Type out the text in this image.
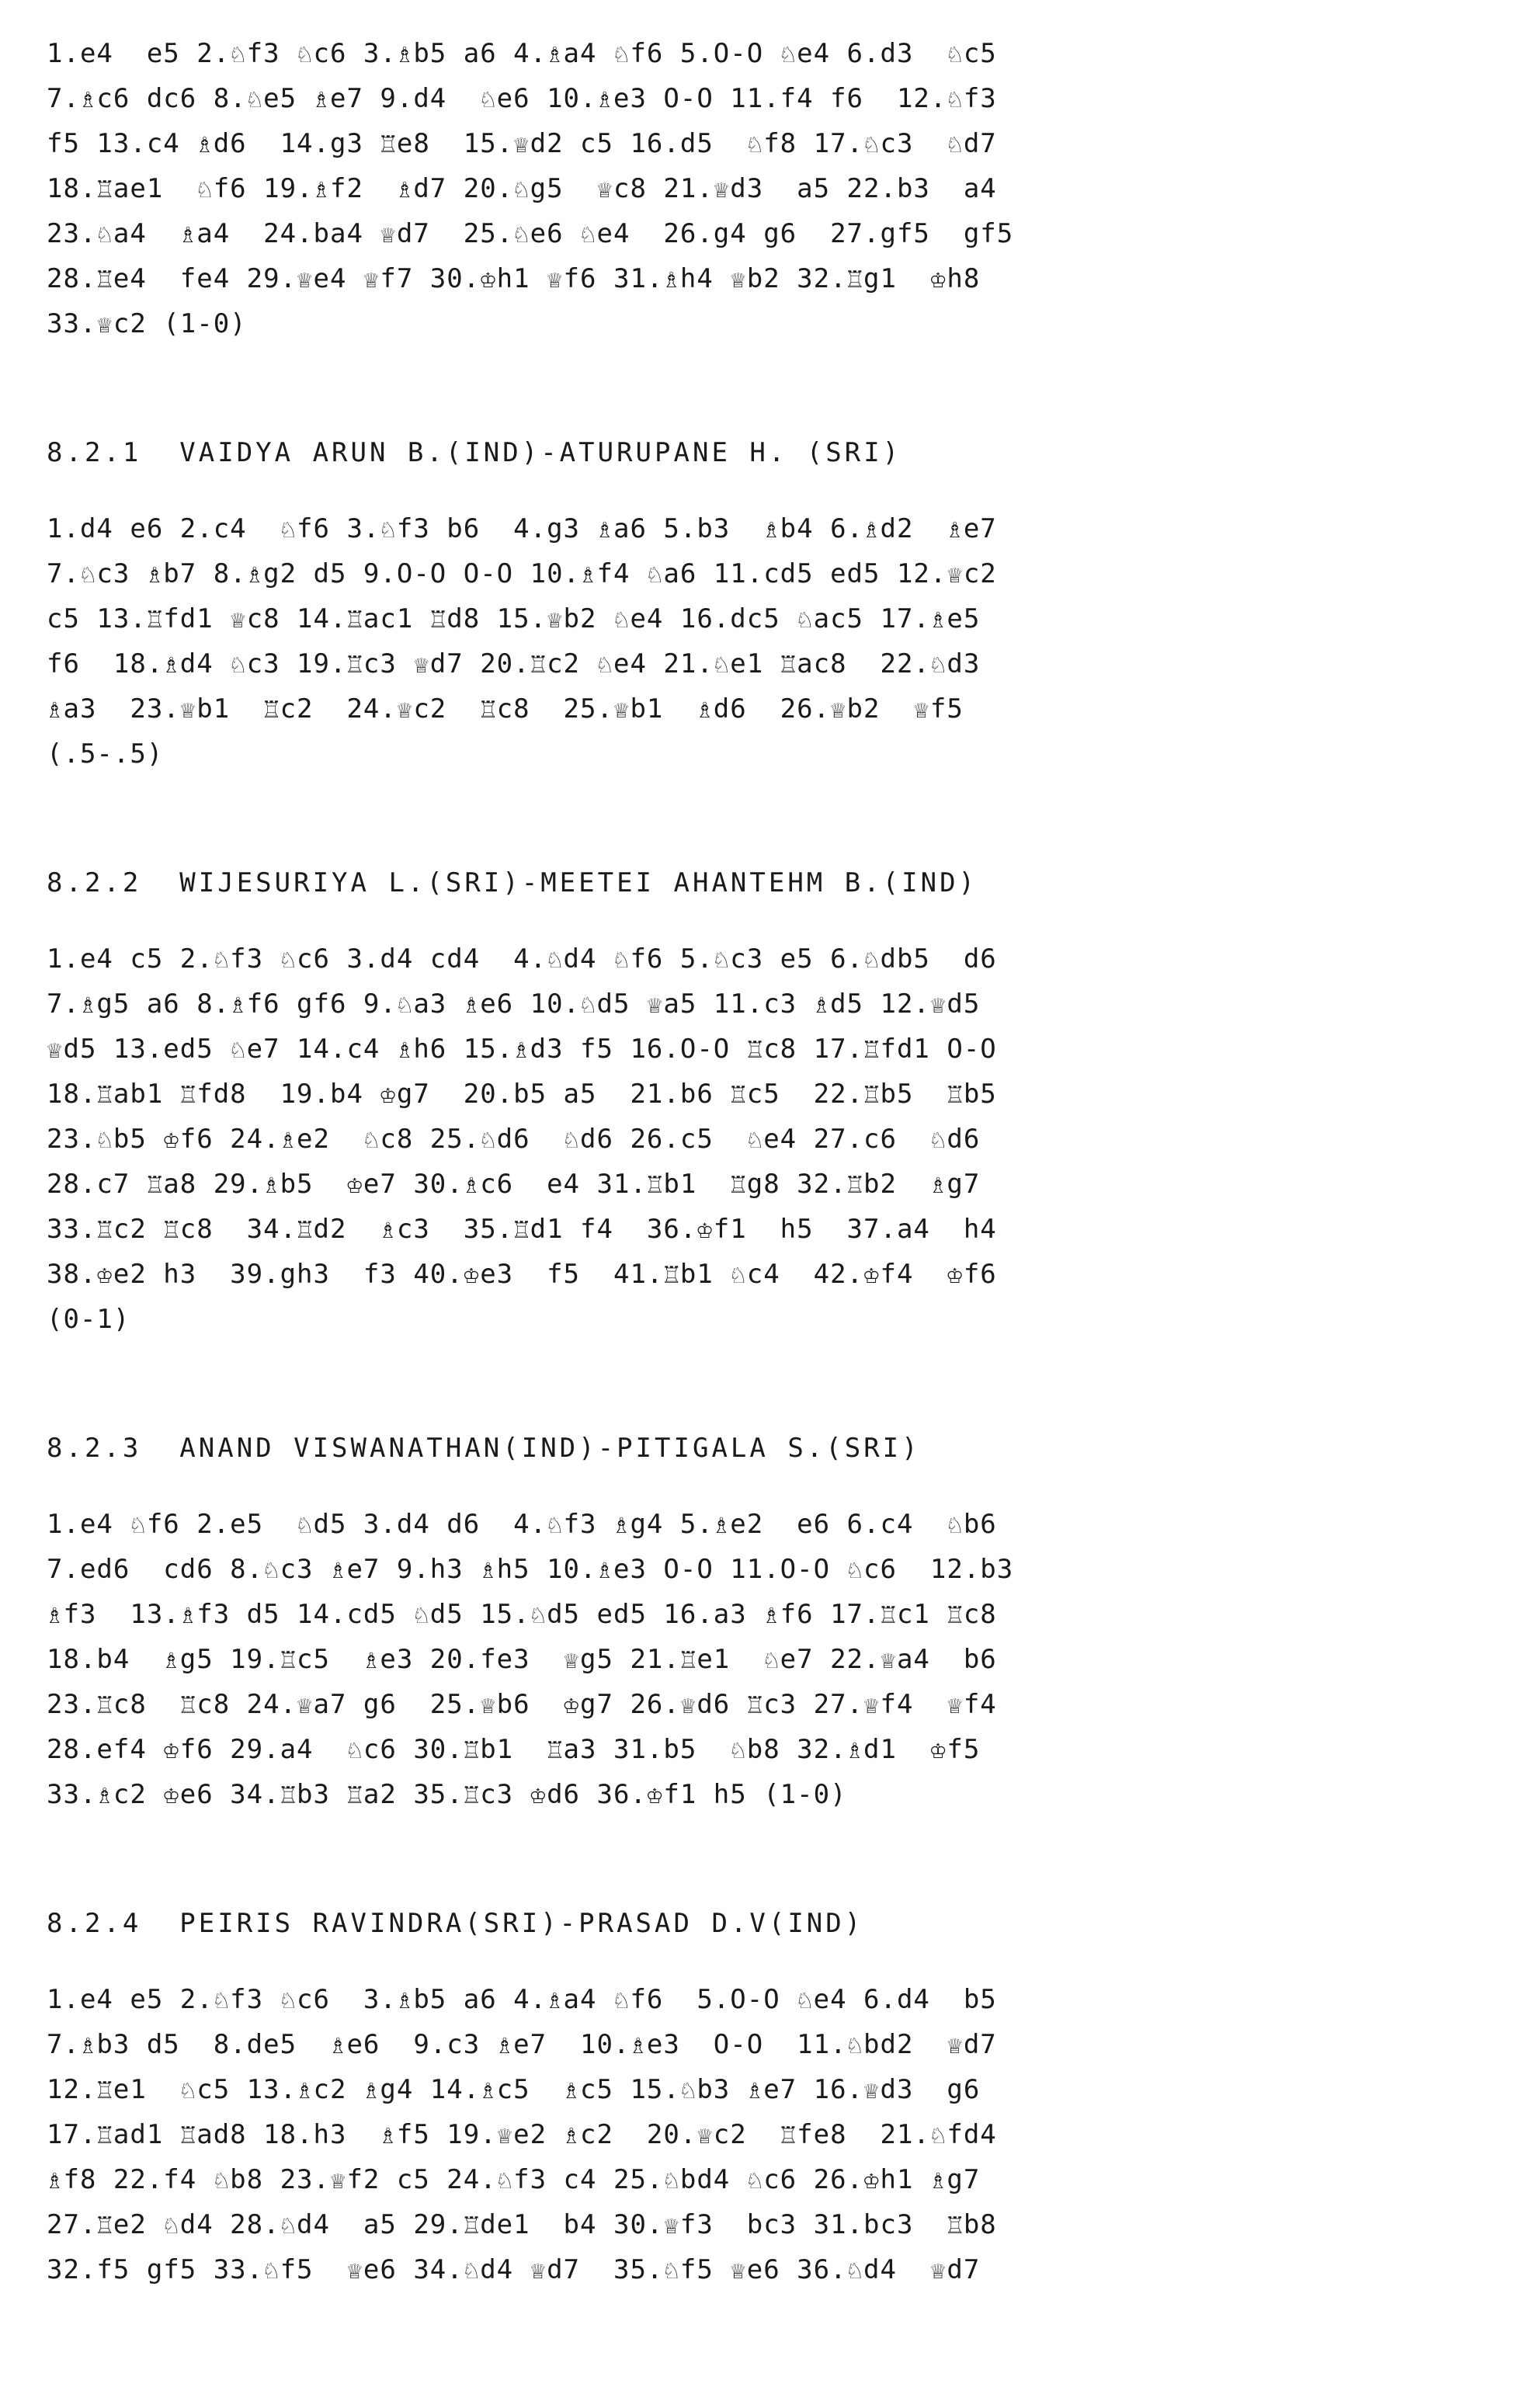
1.e4  e5 2.♘f3 ♘c6 3.♗b5 a6 4.♗a4 ♘f6 5.O-O ♘e4 6.d3  ♘c5
7.♗c6 dc6 8.♘e5 ♗e7 9.d4  ♘e6 10.♗e3 O-O 11.f4 f6  12.♘f3
f5 13.c4 ♗d6  14.g3 ♖e8  15.♕d2 c5 16.d5  ♘f8 17.♘c3  ♘d7
18.♖ae1  ♘f6 19.♗f2  ♗d7 20.♘g5  ♕c8 21.♕d3  a5 22.b3  a4
23.♘a4  ♗a4  24.ba4 ♕d7  25.♘e6 ♘e4  26.g4 g6  27.gf5  gf5
28.♖e4  fe4 29.♕e4 ♕f7 30.♔h1 ♕f6 31.♗h4 ♕b2 32.♖g1  ♔h8
33.♕c2 (1-0)
8.2.1  VAIDYA ARUN B.(IND)-ATURUPANE H. (SRI)
1.d4 e6 2.c4  ♘f6 3.♘f3 b6  4.g3 ♗a6 5.b3  ♗b4 6.♗d2  ♗e7
7.♘c3 ♗b7 8.♗g2 d5 9.O-O O-O 10.♗f4 ♘a6 11.cd5 ed5 12.♕c2
c5 13.♖fd1 ♕c8 14.♖ac1 ♖d8 15.♕b2 ♘e4 16.dc5 ♘ac5 17.♗e5
f6  18.♗d4 ♘c3 19.♖c3 ♕d7 20.♖c2 ♘e4 21.♘e1 ♖ac8  22.♘d3
♗a3  23.♕b1  ♖c2  24.♕c2  ♖c8  25.♕b1  ♗d6  26.♕b2  ♕f5
(.5-.5)
8.2.2  WIJESURIYA L.(SRI)-MEETEI AHANTEHM B.(IND)
1.e4 c5 2.♘f3 ♘c6 3.d4 cd4  4.♘d4 ♘f6 5.♘c3 e5 6.♘db5  d6
7.♗g5 a6 8.♗f6 gf6 9.♘a3 ♗e6 10.♘d5 ♕a5 11.c3 ♗d5 12.♕d5
♕d5 13.ed5 ♘e7 14.c4 ♗h6 15.♗d3 f5 16.O-O ♖c8 17.♖fd1 O-O
18.♖ab1 ♖fd8  19.b4 ♔g7  20.b5 a5  21.b6 ♖c5  22.♖b5  ♖b5
23.♘b5 ♔f6 24.♗e2  ♘c8 25.♘d6  ♘d6 26.c5  ♘e4 27.c6  ♘d6
28.c7 ♖a8 29.♗b5  ♔e7 30.♗c6  e4 31.♖b1  ♖g8 32.♖b2  ♗g7
33.♖c2 ♖c8  34.♖d2  ♗c3  35.♖d1 f4  36.♔f1  h5  37.a4  h4
38.♔e2 h3  39.gh3  f3 40.♔e3  f5  41.♖b1 ♘c4  42.♔f4  ♔f6
(0-1)
8.2.3  ANAND VISWANATHAN(IND)-PITIGALA S.(SRI)
1.e4 ♘f6 2.e5  ♘d5 3.d4 d6  4.♘f3 ♗g4 5.♗e2  e6 6.c4  ♘b6
7.ed6  cd6 8.♘c3 ♗e7 9.h3 ♗h5 10.♗e3 O-O 11.O-O ♘c6  12.b3
♗f3  13.♗f3 d5 14.cd5 ♘d5 15.♘d5 ed5 16.a3 ♗f6 17.♖c1 ♖c8
18.b4  ♗g5 19.♖c5  ♗e3 20.fe3  ♕g5 21.♖e1  ♘e7 22.♕a4  b6
23.♖c8  ♖c8 24.♕a7 g6  25.♕b6  ♔g7 26.♕d6 ♖c3 27.♕f4  ♕f4
28.ef4 ♔f6 29.a4  ♘c6 30.♖b1  ♖a3 31.b5  ♘b8 32.♗d1  ♔f5
33.♗c2 ♔e6 34.♖b3 ♖a2 35.♖c3 ♔d6 36.♔f1 h5 (1-0)
8.2.4  PEIRIS RAVINDRA(SRI)-PRASAD D.V(IND)
1.e4 e5 2.♘f3 ♘c6  3.♗b5 a6 4.♗a4 ♘f6  5.O-O ♘e4 6.d4  b5
7.♗b3 d5  8.de5  ♗e6  9.c3 ♗e7  10.♗e3  O-O  11.♘bd2  ♕d7
12.♖e1  ♘c5 13.♗c2 ♗g4 14.♗c5  ♗c5 15.♘b3 ♗e7 16.♕d3  g6
17.♖ad1 ♖ad8 18.h3  ♗f5 19.♕e2 ♗c2  20.♕c2  ♖fe8  21.♘fd4
♗f8 22.f4 ♘b8 23.♕f2 c5 24.♘f3 c4 25.♘bd4 ♘c6 26.♔h1 ♗g7
27.♖e2 ♘d4 28.♘d4  a5 29.♖de1  b4 30.♕f3  bc3 31.bc3  ♖b8
32.f5 gf5 33.♘f5  ♕e6 34.♘d4 ♕d7  35.♘f5 ♕e6 36.♘d4  ♕d7
